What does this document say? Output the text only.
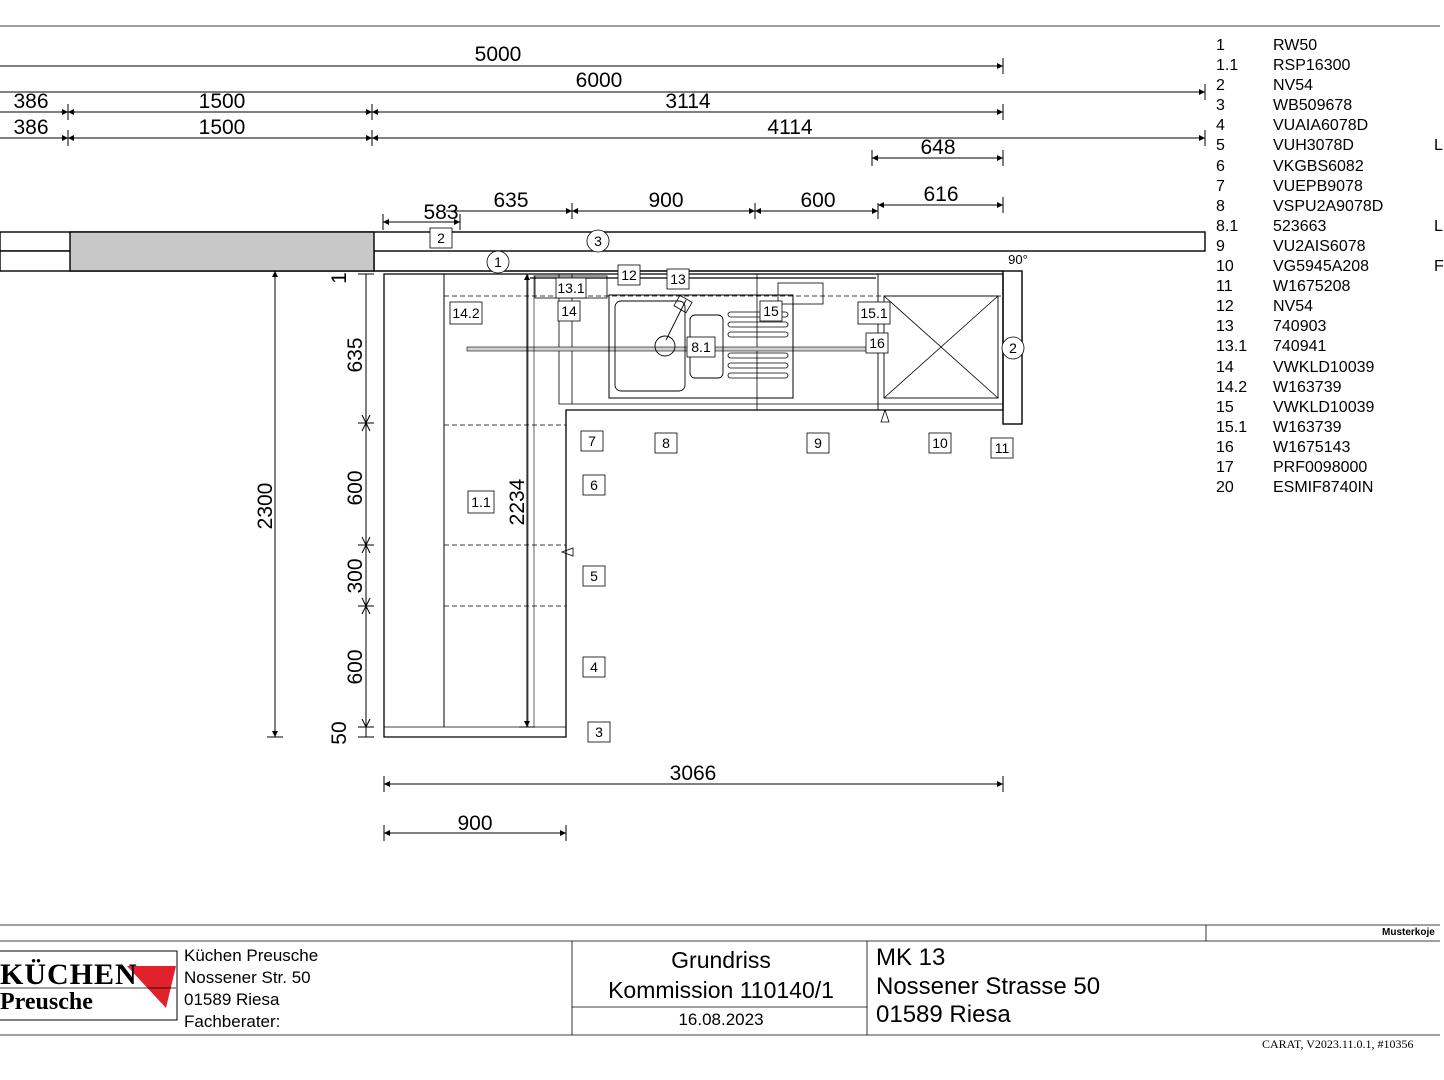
5000
6000
386	1500	3114
386	1500	4114
648
583
635	900	600	616
1
635
600
300
600
50
2300	2234
3066
900
90°
2
13.1
12 13
14.2	14	15	15.1
8.1	16
7	8	9	10	11
6
1.1
5
4
3
3
1
2
KÜCHEN
Preusche
1	RW50
1.1 RSP16300
2	NV54
3	WB509678
4	VUAIA6078D
5	VUH3078D	L
6	VKGBS6082
7	VUEPB9078
8	VSPU2A9078D
8.1 523663	L
9	VU2AIS6078
10 VG5945A208	F
11	W1675208
12 NV54
13 740903
13.1 740941
14 VWKLD10039
14.2 W163739
15 VWKLD10039
15.1 W163739
16 W1675143
17 PRF0098000
20 ESMIF8740IN
Küchen Preusche
Nossener Str. 50
01589 Riesa
Fachberater:
Grundriss
Kommission 110140/1
16.08.2023
MK 13
Nossener Strasse 50
01589 Riesa
Musterkoje
CARAT, V2023.11.0.1, #10356
